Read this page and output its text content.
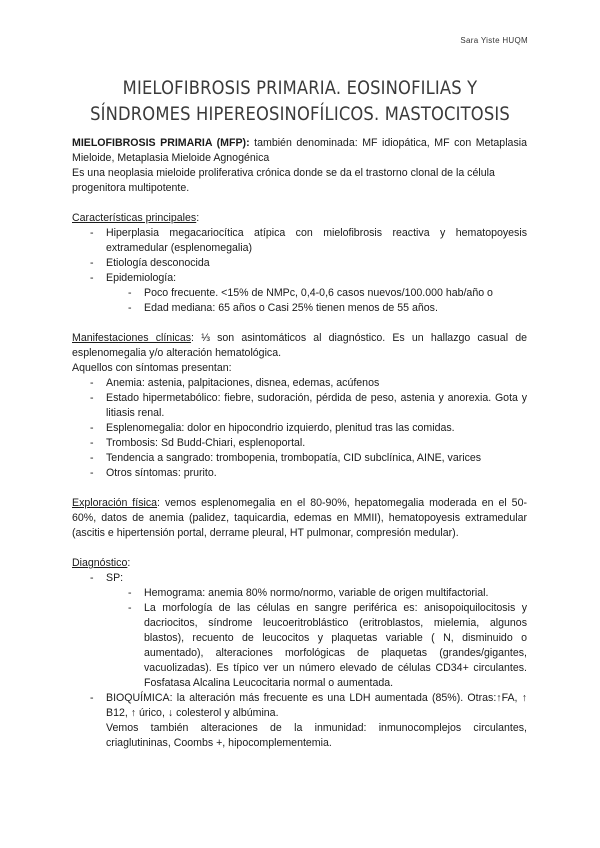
Sara Yiste HUQM
MIELOFIBROSIS PRIMARIA. EOSINOFILIAS Y SÍNDROMES HIPEREOSINOFÍLICOS. MASTOCITOSIS

MIELOFIBROSIS PRIMARIA (MFP): también denominada: MF idiopática, MF con Metaplasia Mieloide, Metaplasia Mieloide Agnogénica

Es una neoplasia mieloide proliferativa crónica donde se da el trastorno clonal de la célula progenitora multipotente.

Características principales:

- Hiperplasia megacariocítica atípica con mielofibrosis reactiva y hematopoyesis extramedular (esplenomegalia)
- Etiología desconocida
- Epidemiología:
- Poco frecuente. <15% de NMPc, 0,4-0,6 casos nuevos/100.000 hab/año o
- Edad mediana: 65 años o Casi 25% tienen menos de 55 años.

Manifestaciones clínicas: ⅓ son asintomáticos al diagnóstico. Es un hallazgo casual de esplenomegalia y/o alteración hematológica.

Aquellos con síntomas presentan:

- Anemia: astenia, palpitaciones, disnea, edemas, acúfenos
- Estado hipermetabólico: fiebre, sudoración, pérdida de peso, astenia y anorexia. Gota y litiasis renal.
- Esplenomegalia: dolor en hipocondrio izquierdo, plenitud tras las comidas.
- Trombosis: Sd Budd-Chiari, esplenoportal.
- Tendencia a sangrado: trombopenia, trombopatía, CID subclínica, AINE, varices
- Otros síntomas: prurito.

Exploración física: vemos esplenomegalia en el 80-90%, hepatomegalia moderada en el 50-60%, datos de anemia (palidez, taquicardia, edemas en MMII), hematopoyesis extramedular (ascitis e hipertensión portal, derrame pleural, HT pulmonar, compresión medular).

Diagnóstico:

- SP:
- Hemograma: anemia 80% normo/normo, variable de origen multifactorial.
- La morfología de las células en sangre periférica es: anisopoiquilocitosis y dacriocitos, síndrome leucoeritroblástico (eritroblastos, mielemia, algunos blastos), recuento de leucocitos y plaquetas variable ( N, disminuido o aumentado), alteraciones morfológicas de plaquetas (grandes/gigantes, vacuolizadas). Es típico ver un número elevado de células CD34+ circulantes. Fosfatasa Alcalina Leucocitaria normal o aumentada.
- BIOQUÍMICA: la alteración más frecuente es una LDH aumentada (85%). Otras:↑FA, ↑ B12, ↑ úrico, ↓ colesterol y albúmina.

Vemos también alteraciones de la inmunidad: inmunocomplejos circulantes, criaglutininas, Coombs +, hipocomplementemia.
